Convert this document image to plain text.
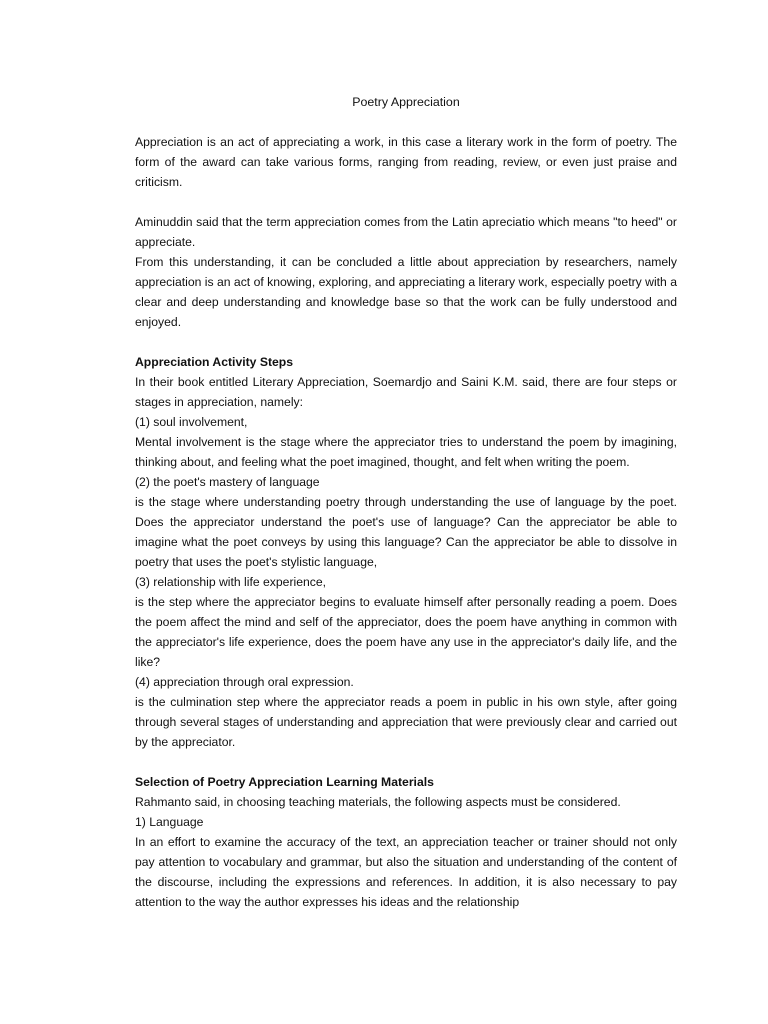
Poetry Appreciation

Appreciation is an act of appreciating a work, in this case a literary work in the form of poetry. The form of the award can take various forms, ranging from reading, review, or even just praise and criticism.

Aminuddin said that the term appreciation comes from the Latin apreciatio which means "to heed" or appreciate.

From this understanding, it can be concluded a little about appreciation by researchers, namely appreciation is an act of knowing, exploring, and appreciating a literary work, especially poetry with a clear and deep understanding and knowledge base so that the work can be fully understood and enjoyed.

Appreciation Activity Steps

In their book entitled Literary Appreciation, Soemardjo and Saini K.M. said, there are four steps or stages in appreciation, namely:

(1) soul involvement,

Mental involvement is the stage where the appreciator tries to understand the poem by imagining, thinking about, and feeling what the poet imagined, thought, and felt when writing the poem.

(2) the poet's mastery of language

is the stage where understanding poetry through understanding the use of language by the poet. Does the appreciator understand the poet's use of language? Can the appreciator be able to imagine what the poet conveys by using this language? Can the appreciator be able to dissolve in poetry that uses the poet's stylistic language,

(3) relationship with life experience,

is the step where the appreciator begins to evaluate himself after personally reading a poem. Does the poem affect the mind and self of the appreciator, does the poem have anything in common with the appreciator's life experience, does the poem have any use in the appreciator's daily life, and the like?

(4) appreciation through oral expression.

is the culmination step where the appreciator reads a poem in public in his own style, after going through several stages of understanding and appreciation that were previously clear and carried out by the appreciator.

Selection of Poetry Appreciation Learning Materials

Rahmanto said, in choosing teaching materials, the following aspects must be considered.

1) Language

In an effort to examine the accuracy of the text, an appreciation teacher or trainer should not only pay attention to vocabulary and grammar, but also the situation and understanding of the content of the discourse, including the expressions and references. In addition, it is also necessary to pay attention to the way the author expresses his ideas and the relationship
